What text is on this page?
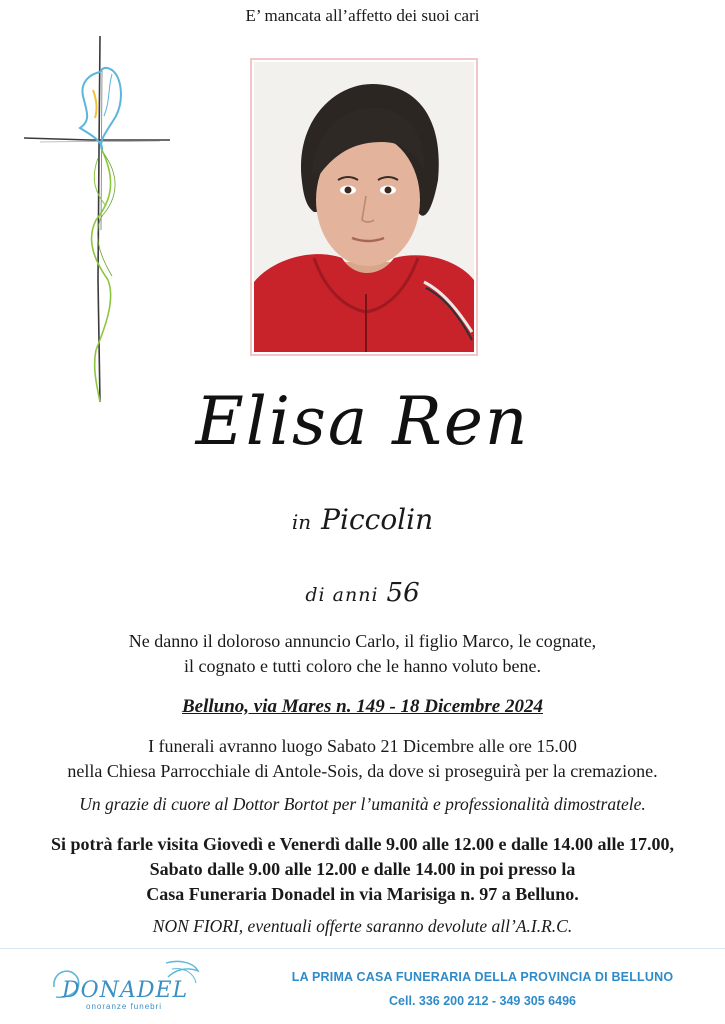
E’ mancata all’affetto dei suoi cari
Elisa Ren
in Piccolin
di anni 56
Ne danno il doloroso annuncio Carlo, il figlio Marco, le cognate,
il cognato e tutti coloro che le hanno voluto bene.
Belluno, via Mares n. 149 - 18 Dicembre 2024
I funerali avranno luogo Sabato 21 Dicembre alle ore 15.00
nella Chiesa Parrocchiale di Antole-Sois, da dove si proseguirà per la cremazione.
Un grazie di cuore al Dottor Bortot per l’umanità e professionalità dimostratele.
Si potrà farle visita Giovedì e Venerdì dalle 9.00 alle 12.00 e dalle 14.00 alle 17.00,
Sabato dalle 9.00 alle 12.00 e dalle 14.00 in poi presso la
Casa Funeraria Donadel in via Marisiga n. 97 a Belluno.
NON FIORI, eventuali offerte saranno devolute all’A.I.R.C.
DONADEL
onoranze funebri
LA PRIMA CASA FUNERARIA DELLA PROVINCIA DI BELLUNO
Cell. 336 200 212 - 349 305 6496
